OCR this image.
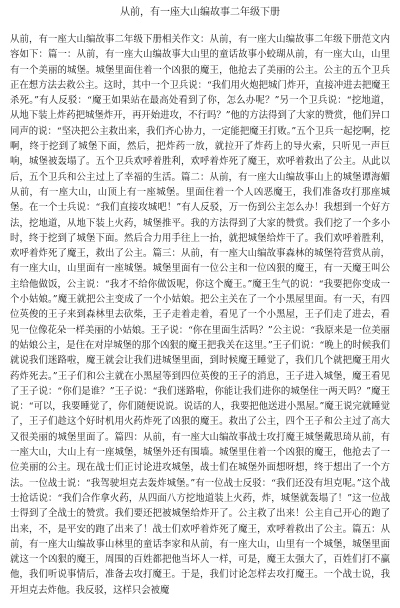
从前，有一座大山编故事二年级下册

从前，有一座大山编故事二年级下册相关作文：从前，有一座大山编故事二年级下册范文内容如下：篇一：从前，有一座大山编故事大山里的童话故事小蛟瑚从前，有一座大山，山里有一个美丽的城堡。城堡里面住着一个凶狠的魔王，他抢去了美丽的公主。公主的五个卫兵正在想方法去救公主。这时，其中一个卫兵说：“我们用火炮把城门炸开，直接冲进去把魔王杀死。”有人反驳：“魔王如果站在最高处看到了你，怎么办呢？”另一个卫兵说：“挖地道，从地下装上炸药把城堡炸开，再开始进攻，不行吗？”他的方法得到了大家的赞赏，他们异口同声的说：“坚决把公主救出来，我们齐心协力，一定能把魔王打败。”五个卫兵一起挖啊，挖啊，终于挖到了城堡下面，然后，把炸药一放，就拉开了炸药上的导火索，只听见一声巨响，城堡被轰塌了。五个卫兵欢呼着胜利，欢呼着炸死了魔王，欢呼着救出了公主。从此以后，五个卫兵和公主过上了幸福的生活。篇二：从前，有一座大山编故事山上的城堡谭海媚从前，有一座大山，山顶上有一座城堡。里面住着一个人凶恶魔王，我们准备攻打那座城堡。在一个士兵说：“我们直接攻城吧！”有人反驳，万一伤到公主怎么办！我想到一个好方法，挖地道，从地下装上火药，城堡推平。我的方法得到了大家的赞赏。我们挖了一个多小时，终于挖到了城堡下面。然后合力用手往上一抬，就把城堡给炸干了。我们欢呼着胜利，欢呼着炸死了魔王，救出了公主。篇三：从前，有一座大山编故事森林的城堡符营赏从前，有一座大山，山里面有一座城堡。城堡里面有一位公主和一位凶狠的魔王，有一天魔王叫公主给他做饭，公主说：“我才不给你做饭呢，你这个魔王。”魔王生气的说：“我要把你变成一个小姑娘。”魔王就把公主变成了一个小姑娘。把公主关在了一个小黑屋里面。有一天，有四位英俊的王子来到森林里去砍柴，王子走着走着，看见了一个小黑屋，王子们走了进去，看见一位像花朵一样美丽的小姑娘。王子说：“你在里面生活吗？”公主说：“我原来是一位美丽的姑娘公主，是住在对岸城堡的那个凶狠的魔王把我关在这里。”王子们说：“晚上的时候我们就说我们迷路啦，魔王就会让我们进城堡里面，到时候魔王睡觉了，我们几个就把魔王用火药炸死去。”王子们和公主就在小黑屋等到四位英俊的王子的消息，王子进入城堡，魔王看见了王子说：“你们是谁？”王子说：“我们迷路啦，你能让我们进你的城堡住一两天吗？”魔王说：“可以，我要睡觉了，你们随便说说。说话的人，我要把他送进小黑屋。”魔王说完就睡觉了，王子们趁这个好时机用火药炸死了凶狠的魔王。救出了公主，四个王子和公主过了高大又很美丽的城堡里面了。篇四：从前，有一座大山编故事战士攻打魔王城堡戴思琦从前，有一座大山，大山上有一座城堡，城堡外还有围墙。城堡里住着一个凶狠的魔王，他抢去了一位美丽的公主。现在战士们正讨论进攻城堡，战士们在城堡外面想呀想，终于想出了一个方法。一位战士说：“我驾驶坦克去轰炸城堡。”有一位战士反驳：“我们还没有坦克呢。”这个战士抢话说：“我们合作拿火药，从四面八方挖地道装上火药，炸，城堡就轰塌了！”这一位战士得到了全战士的赞赏。我们要还把被城堡给炸开了。公主救了出来！公主自己开心的跑了出来，不，是平安的跑了出来了！战士们欢呼着炸死了魔王，欢呼着救出了公主。篇五：从前，有一座大山编故事山林里的童话李家和从前，有一座大山，山里有一个城堡，城堡里面就这一个凶狠的魔王，周围的百姓都把他当坏人一样，可是，魔王太强大了，百姓们打不赢他，我们听说事情后，准备去攻打魔王。于是，我们讨论怎样去攻打魔王。一个战士说，我开坦克去炸他。我反驳，这样只会被魔
